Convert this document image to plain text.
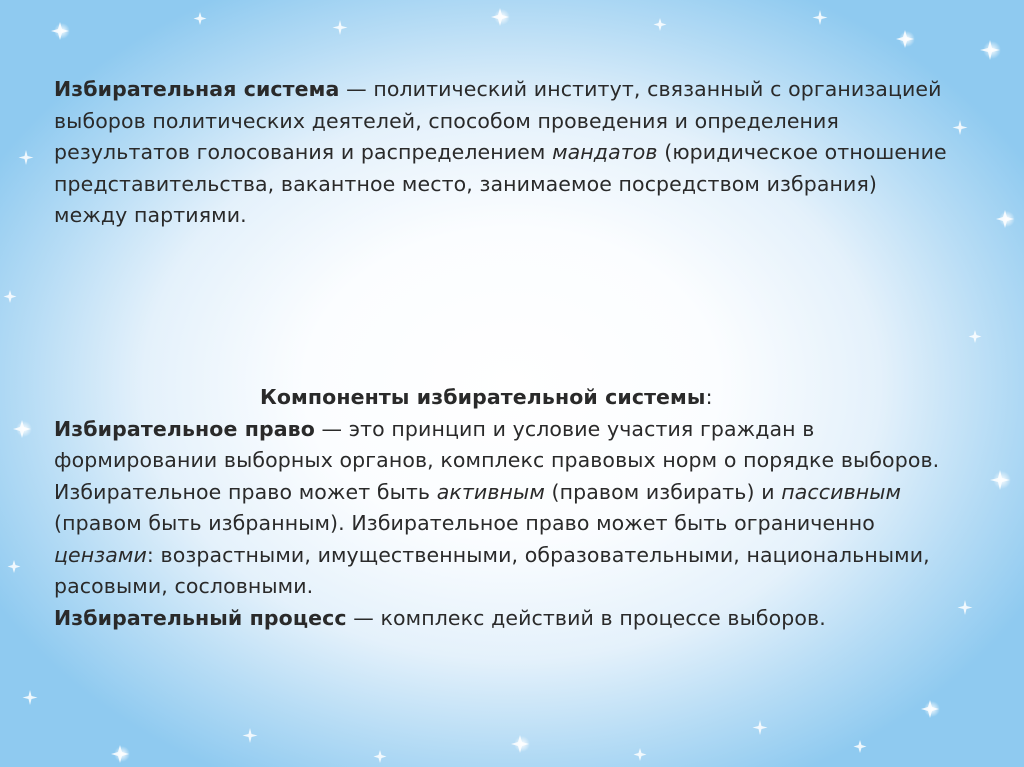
Избирательная система — политический институт, связанный с организацией выборов политических деятелей, способом проведения и определения результатов голосования и распределением мандатов (юридическое отношение представительства, вакантное место, занимаемое посредством избрания) между партиями.

Компоненты избирательной системы:
Избирательное право — это принцип и условие участия граждан в формировании выборных органов, комплекс правовых норм о порядке выборов. Избирательное право может быть активным (правом избирать) и пассивным (правом быть избранным). Избирательное право может быть ограниченно цензами: возрастными, имущественными, образовательными, национальными, расовыми, сословными.
Избирательный процесс — комплекс действий в процессе выборов.
